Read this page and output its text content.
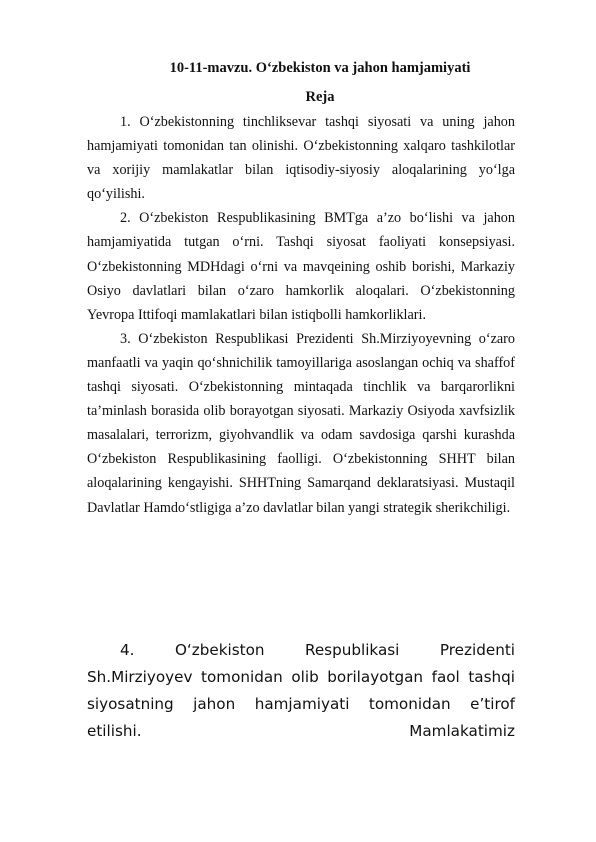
10-11-mavzu. O‘zbekiston va jahon hamjamiyati
Reja

1. O‘zbekistonning tinchliksevar tashqi siyosati va uning jahon hamjamiyati tomonidan tan olinishi. O‘zbekistonning xalqaro tashkilotlar va xorijiy mamlakatlar bilan iqtisodiy-siyosiy aloqalarining yo‘lga qo‘yilishi.

2. O‘zbekiston Respublikasining BMTga a’zo bo‘lishi va jahon hamjamiyatida tutgan o‘rni. Tashqi siyosat faoliyati konsepsiyasi. O‘zbekistonning MDHdagi o‘rni va mavqeining oshib borishi, Markaziy Osiyo davlatlari bilan o‘zaro hamkorlik aloqalari. O‘zbekistonning Yevropa Ittifoqi mamlakatlari bilan istiqbolli hamkorliklari.

3. O‘zbekiston Respublikasi Prezidenti Sh.Mirziyoyevning o‘zaro manfaatli va yaqin qo‘shnichilik tamoyillariga asoslangan ochiq va shaffof tashqi siyosati. O‘zbekistonning mintaqada tinchlik va barqarorlikni ta’minlash borasida olib borayotgan siyosati. Markaziy Osiyoda xavfsizlik masalalari, terrorizm, giyohvandlik va odam savdosiga qarshi kurashda O‘zbekiston Respublikasining faolligi. O‘zbekistonning SHHT bilan aloqalarining kengayishi. SHHTning Samarqand deklaratsiyasi. Mustaqil Davlatlar Hamdo‘stligiga a’zo davlatlar bilan yangi strategik sherikchiligi.

4. O‘zbekiston Respublikasi Prezidenti Sh.Mirziyoyev tomonidan olib borilayotgan faol tashqi siyosatning jahon hamjamiyati tomonidan e’tirof etilishi. Mamlakatimiz
